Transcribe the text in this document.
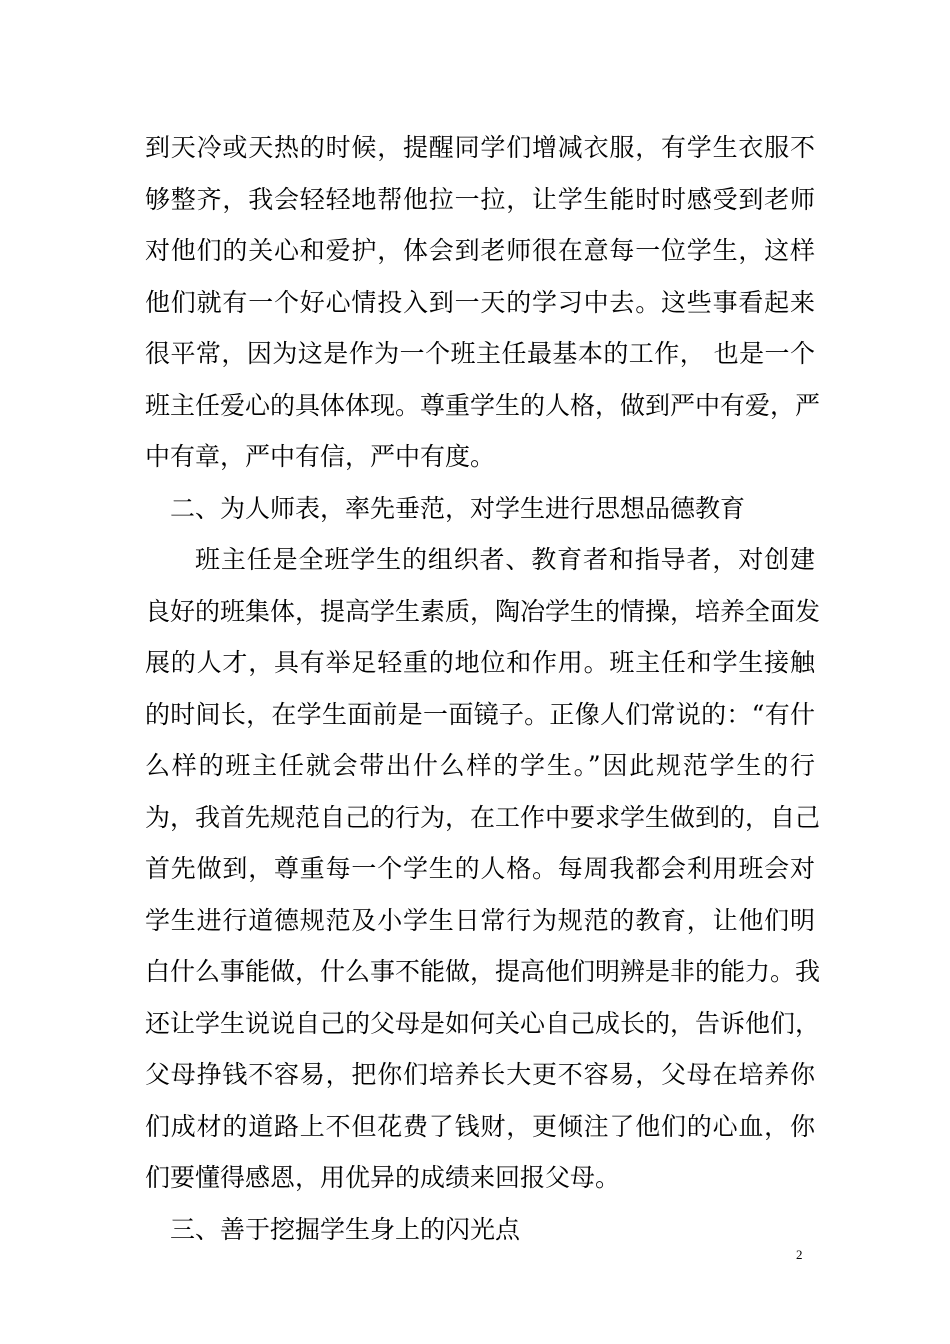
到天冷或天热的时候，提醒同学们增减衣服，有学生衣服不
够整齐，我会轻轻地帮他拉一拉，让学生能时时感受到老师
对他们的关心和爱护，体会到老师很在意每一位学生，这样
他们就有一个好心情投入到一天的学习中去。这些事看起来
很平常，因为这是作为一个班主任最基本的工作， 也是一个
班主任爱心的具体体现。尊重学生的人格，做到严中有爱，严
中有章，严中有信，严中有度。
二、为人师表，率先垂范，对学生进行思想品德教育
班主任是全班学生的组织者、教育者和指导者，对创建
良好的班集体，提高学生素质，陶冶学生的情操，培养全面发
展的人才，具有举足轻重的地位和作用。班主任和学生接触
的时间长，在学生面前是一面镜子。正像人们常说的：“有什
么样的班主任就会带出什么样的学生。”因此规范学生的行
为，我首先规范自己的行为，在工作中要求学生做到的，自己
首先做到，尊重每一个学生的人格。每周我都会利用班会对
学生进行道德规范及小学生日常行为规范的教育，让他们明
白什么事能做，什么事不能做，提高他们明辨是非的能力。我
还让学生说说自己的父母是如何关心自己成长的，告诉他们，
父母挣钱不容易，把你们培养长大更不容易，父母在培养你
们成材的道路上不但花费了钱财，更倾注了他们的心血，你
们要懂得感恩，用优异的成绩来回报父母。
三、善于挖掘学生身上的闪光点
2
